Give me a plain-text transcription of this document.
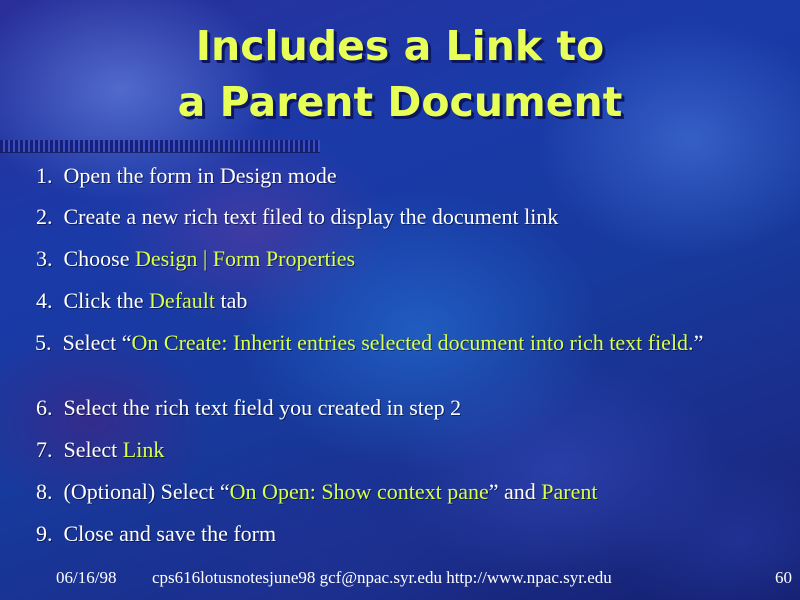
Includes a Link to
a Parent Document
1. Open the form in Design mode
2. Create a new rich text filed to display the document link
3. Choose Design | Form Properties
4. Click the Default tab
5. Select “On Create: Inherit entries selected document into rich text field.”
6. Select the rich text field you created in step 2
7. Select Link
8. (Optional) Select “On Open: Show context pane” and Parent
9. Close and save the form
06/16/98 cps616lotusnotesjune98 gcf@npac.syr.edu http://www.npac.syr.edu	60
